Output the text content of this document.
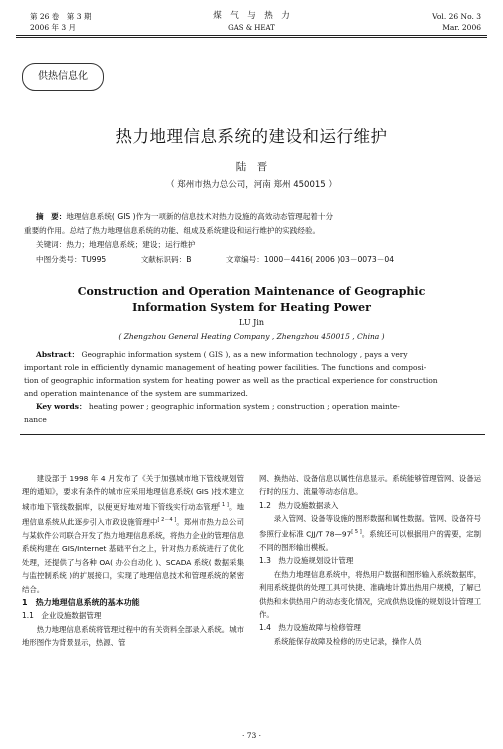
第 26 卷　第 3 期
2006 年 3 月
煤　气　与　热　力
GAS & HEAT
Vol. 26 No. 3
Mar. 2006
供热信息化
热力地理信息系统的建设和运行维护
陆　晋
（ 郑州市热力总公司，河南 郑州 450015 ）
摘　要：地理信息系统( GIS )作为一项新的信息技术对热力设施的高效动态管理起着十分
重要的作用。总结了热力地理信息系统的功能、组成及系统建设和运行维护的实践经验。
关键词：热力；地理信息系统；建设；运行维护
中图分类号：TU995	文献标识码：B	文章编号：1000－4416( 2006 )03－0073－04
Construction and Operation Maintenance of Geographic
Information System for Heating Power
LU Jin
( Zhengzhou General Heating Company , Zhengzhou 450015 , China )
Abstract： Geographic information system ( GIS ), as a new information technology , pays a very
important role in efficiently dynamic management of heating power facilities. The functions and composi-
tion of geographic information system for heating power as well as the practical experience for construction
and operation maintenance of the system are summarized.
Key words： heating power ; geographic information system ; construction ; operation mainte-
nance

建设部于 1998 年 4 月发布了《关于加强城市地下管线规划管理的通知》，要求有条件的城市应采用地理信息系统( GIS )技术建立城市地下管线数据库，以便更好地对地下管线实行动态管理[ 1 ]。地理信息系统从此逐步引入市政设施管理中[ 2－4 ]。郑州市热力总公司与某软件公司联合开发了热力地理信息系统，将热力企业的管理信息系统构建在 GIS/Internet 基础平台之上，针对热力系统进行了优化处理，还提供了与各种 OA( 办公自动化 )、SCADA 系统( 数据采集与监控制系统 )的扩展接口，实现了地理信息技术和管理系统的紧密结合。

1　热力地理信息系统的基本功能
1.1　企业设施数据管理

热力地理信息系统将管理过程中的有关资料全部录入系统。城市地形图作为背景显示，热源、管

网、换热站、设备信息以属性信息显示。系统能够管理管网、设备运行时的压力、流量等动态信息。

1.2　热力设施数据录入

录入管网、设备等设施的图形数据和属性数据。管网、设备符号参照行业标准 CJJ/T 78—97[ 5 ]。系统还可以根据用户的需要，定制不同的图形输出模板。

1.3　热力设施规划设计管理

在热力地理信息系统中，将热用户数据和图形输入系统数据库，利用系统提供的处理工具可快捷、准确地计算出热用户规模，了解已供热和未供热用户的动态变化情况，完成供热设施的规划设计管理工作。

1.4　热力设施故障与检修管理

系统能保存故障及检修的历史记录，操作人员

· 73 ·
